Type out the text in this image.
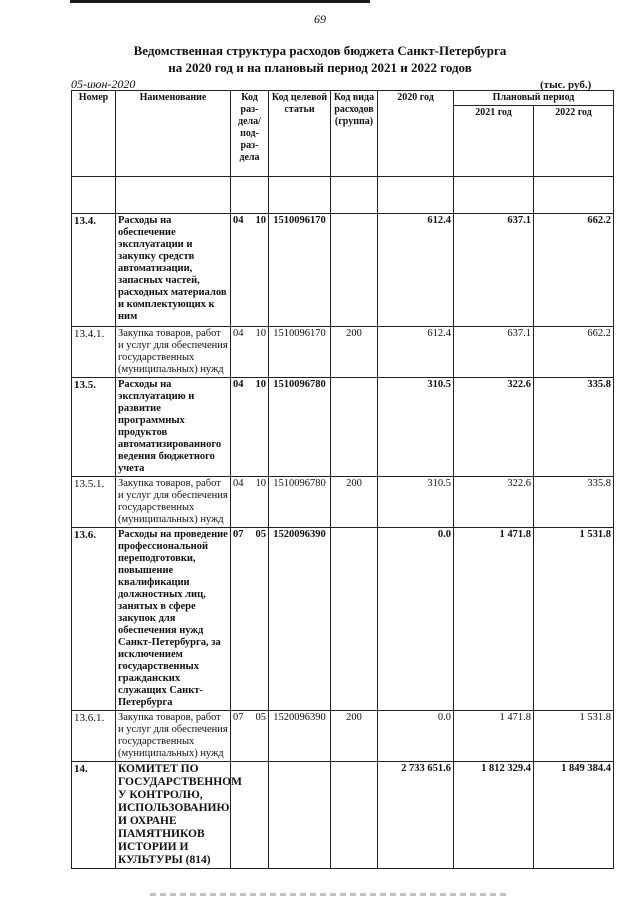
69
Ведомственная структура расходов бюджета Санкт-Петербурга
на 2020 год и на плановый период 2021 и 2022 годов
05-июн-2020	(тыс. руб.)
Номер	Наименование	Код раз-дела/ под-раз-дела	Код целевой статьи	Код вида расходов (группа)	2020 год	Плановый период	
						2021 год	2022 год

13.4.	Расходы на обеспечение эксплуатации и закупку средств автоматизации, запасных частей, расходных материалов и комплектующих к ним	04 10	1510096170		612.4	637.1	662.2
13.4.1.	Закупка товаров, работ и услуг для обеспечения государственных (муниципальных) нужд	04 10	1510096170	200	612.4	637.1	662.2
13.5.	Расходы на эксплуатацию и развитие программных продуктов автоматизированного ведения бюджетного учета	04 10	1510096780		310.5	322.6	335.8
13.5.1.	Закупка товаров, работ и услуг для обеспечения государственных (муниципальных) нужд	04 10	1510096780	200	310.5	322.6	335.8
13.6.	Расходы на проведение профессиональной переподготовки, повышение квалификации должностных лиц, занятых в сфере закупок для обеспечения нужд Санкт-Петербурга, за исключением государственных гражданских служащих Санкт-Петербурга	07 05	1520096390		0.0	1 471.8	1 531.8
13.6.1.	Закупка товаров, работ и услуг для обеспечения государственных (муниципальных) нужд	07 05	1520096390	200	0.0	1 471.8	1 531.8
14.	КОМИТЕТ ПО ГОСУДАРСТВЕННОМ У КОНТРОЛЮ, ИСПОЛЬЗОВАНИЮ И ОХРАНЕ ПАМЯТНИКОВ ИСТОРИИ И КУЛЬТУРЫ (814)				2 733 651.6	1 812 329.4	1 849 384.4
